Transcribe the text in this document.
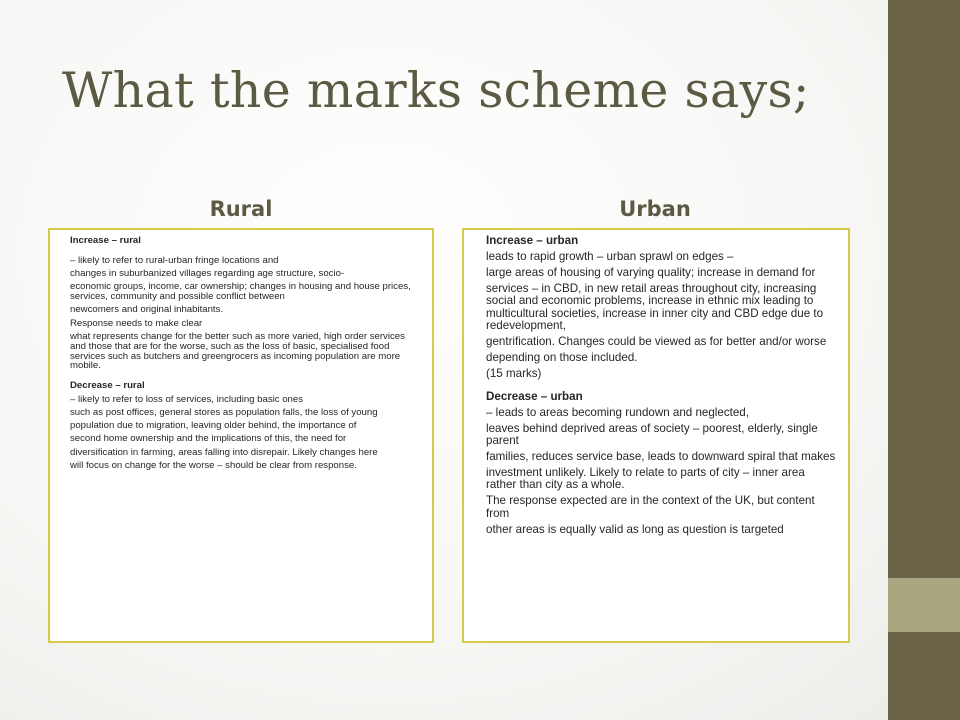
What the marks scheme says;
Rural	Urban

Increase – rural

– likely to refer to rural-urban fringe locations and

changes in suburbanized villages regarding age structure, socio-

economic groups, income, car ownership; changes in housing and house prices, services, community and possible conflict between

newcomers and original inhabitants.

Response needs to make clear

what represents change for the better such as more varied, high order services and those that are for the worse, such as the loss of basic, specialised food services such as butchers and greengrocers as incoming population are more mobile.

Decrease – rural

– likely to refer to loss of services, including basic ones

such as post offices, general stores as population falls, the loss of young

population due to migration, leaving older behind, the importance of

second home ownership and the implications of this, the need for

diversification in farming, areas falling into disrepair. Likely changes here

will focus on change for the worse – should be clear from response.

Increase – urban

leads to rapid growth – urban sprawl on edges –

large areas of housing of varying quality; increase in demand for

services – in CBD, in new retail areas throughout city, increasing social and economic problems, increase in ethnic mix leading to multicultural societies, increase in inner city and CBD edge due to redevelopment,

gentrification. Changes could be viewed as for better and/or worse

depending on those included.

(15 marks)

Decrease – urban

– leads to areas becoming rundown and neglected,

leaves behind deprived areas of society – poorest, elderly, single parent

families, reduces service base, leads to downward spiral that makes

investment unlikely. Likely to relate to parts of city – inner area rather than city as a whole.

The response expected are in the context of the UK, but content from

other areas is equally valid as long as question is targeted
